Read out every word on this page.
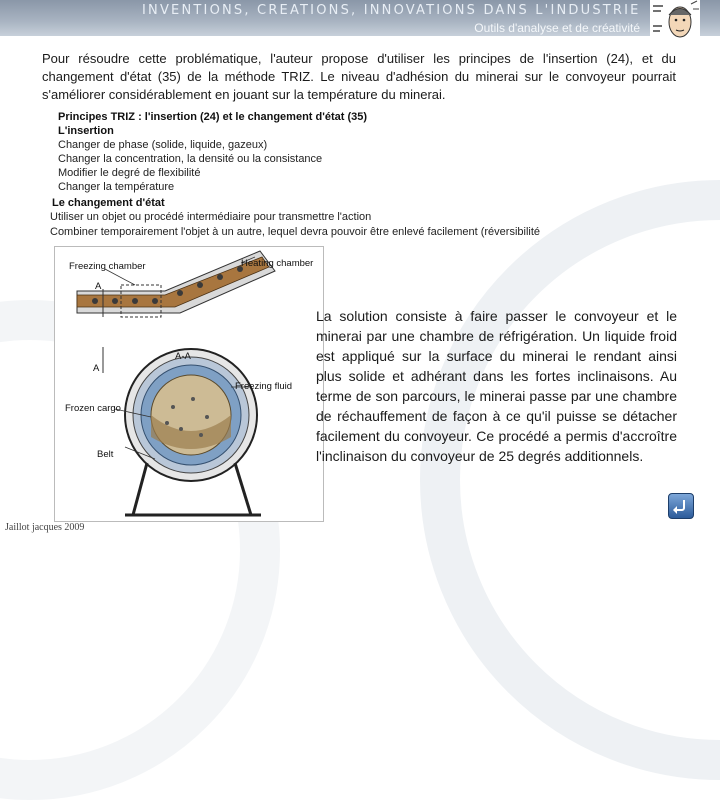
INVENTIONS, CREATIONS, INNOVATIONS DANS L'INDUSTRIE
Outils d'analyse et de créativité

Pour résoudre cette problématique, l'auteur propose d'utiliser les principes de l'insertion (24), et du changement d'état (35) de la méthode TRIZ. Le niveau d'adhésion du minerai sur le convoyeur pourrait s'améliorer considérablement en jouant sur la température du minerai.

Principes TRIZ : l'insertion (24) et le changement d'état (35)
L'insertion
Changer de phase (solide, liquide, gazeux)
Changer la concentration, la densité ou la consistance
Modifier le degré de flexibilité
Changer la température
Le changement d'état
Utiliser un objet ou procédé intermédiaire pour transmettre l'action
Combiner temporairement l'objet à un autre, lequel devra pouvoir être enlevé facilement (réversibilité
Freezing chamber	Heating chamber
A
A-A
A
Freezing fluid
Frozen cargo
Belt

La solution consiste à faire passer le convoyeur et le minerai par une chambre de réfrigération. Un liquide froid est appliqué sur la surface du minerai le rendant ainsi plus solide et adhérant dans les fortes inclinaisons. Au terme de son parcours, le minerai passe par une chambre de réchauffement de façon à ce qu'il puisse se détacher facilement du convoyeur. Ce procédé a permis d'accroître l'inclinaison du convoyeur de 25 degrés additionnels.

Jaillot jacques 2009
